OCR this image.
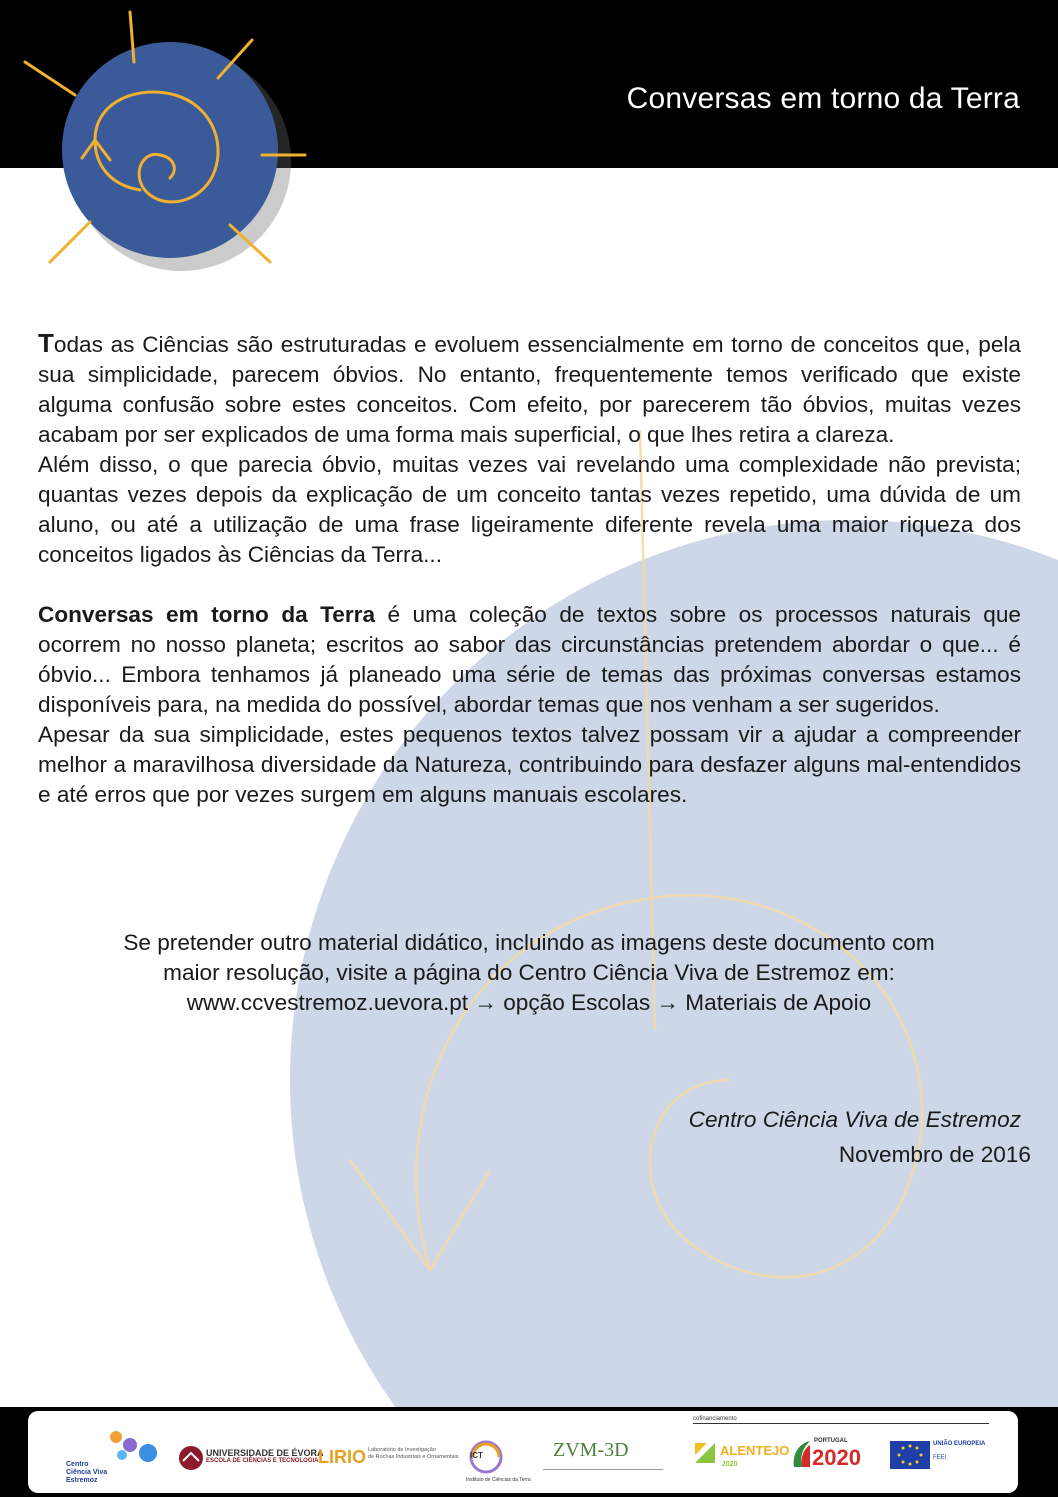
Conversas em torno da Terra

Todas as Ciências são estruturadas e evoluem essencialmente em torno de conceitos que, pela sua simplicidade, parecem óbvios. No entanto, frequentemente temos verificado que existe alguma confusão sobre estes conceitos. Com efeito, por parecerem tão óbvios, muitas vezes acabam por ser explicados de uma forma mais superficial, o que lhes retira a clareza.

Além disso, o que parecia óbvio, muitas vezes vai revelando uma complexidade não prevista; quantas vezes depois da explicação de um conceito tantas vezes repetido, uma dúvida de um aluno, ou até a utilização de uma frase ligeiramente diferente revela uma maior riqueza dos conceitos ligados às Ciências da Terra...

Conversas em torno da Terra é uma coleção de textos sobre os processos naturais que ocorrem no nosso planeta; escritos ao sabor das circunstâncias pretendem abordar o que... é óbvio... Embora tenhamos já planeado uma série de temas das próximas conversas estamos disponíveis para, na medida do possível, abordar temas que nos venham a ser sugeridos.

Apesar da sua simplicidade, estes pequenos textos talvez possam vir a ajudar a compreender melhor a maravilhosa diversidade da Natureza, contribuindo para desfazer alguns mal-entendidos e até erros que por vezes surgem em alguns manuais escolares.

Se pretender outro material didático, incluindo as imagens deste documento com
maior resolução, visite a página do Centro Ciência Viva de Estremoz em:
www.ccvestremoz.uevora.pt → opção Escolas → Materiais de Apoio
Centro Ciência Viva de Estremoz
Novembro de 2016
Centro
Ciência Viva
Estremoz
UNIVERSIDADE DE ÉVORA
ESCOLA DE CIÊNCIAS E TECNOLOGIA LIRIO Laboratório de Investigação
de Rochas Industriais e Ornamentais ICT
Instituto de Ciências da Terra
ZVM-3D
cofinanciamento
ALENTEJO
2020
PORTUGAL
2020
UNIÃO EUROPEIA
FEEI
